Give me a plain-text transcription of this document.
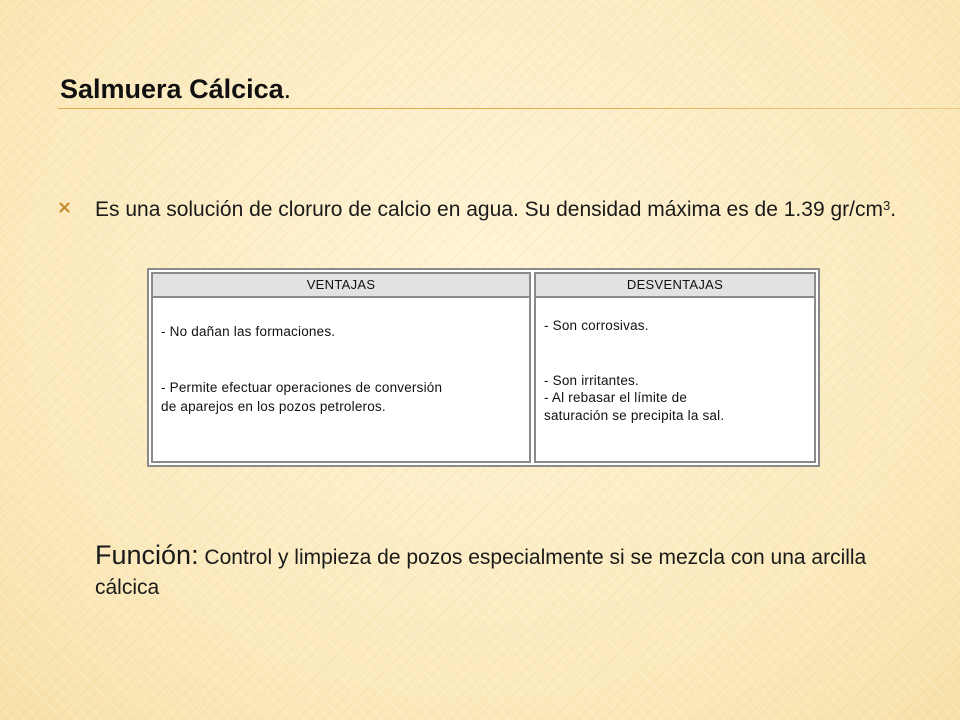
Salmuera Cálcica.
Es una solución de cloruro de calcio en agua. Su densidad máxima es de 1.39 $gr/cm^3$.
VENTAJAS
- No dañan las formaciones.
- Permite efectuar operaciones de conversión
de aparejos en los pozos petroleros.
DESVENTAJAS
- Son corrosivas.
- Son irritantes.
- Al rebasar el límite de
saturación se precipita la sal.
Función: Control y limpieza de pozos especialmente si se mezcla con una arcilla cálcica
